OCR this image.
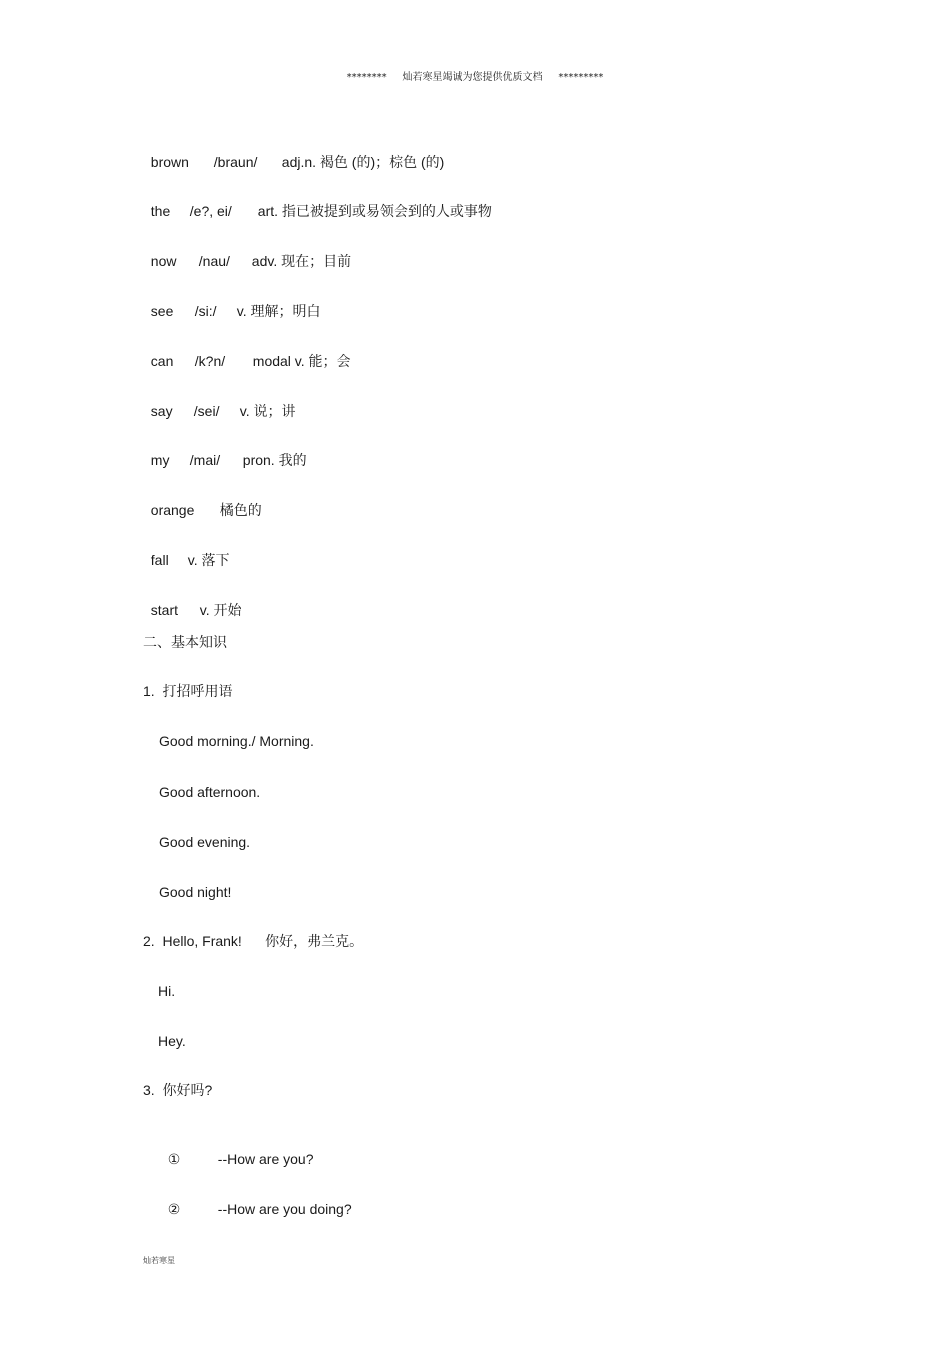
********     灿若寒星竭诚为您提供优质文档     *********

brown /braun/ adj.n. 褐色 (的)；棕色 (的)

the /e?, ei/ art. 指已被提到或易领会到的人或事物

now /nau/ adv. 现在；目前

see /si:/ v. 理解；明白

can /k?n/ modal v. 能；会

say /sei/ v. 说；讲

my /mai/ pron. 我的

orange 橘色的

fall v. 落下

start v. 开始

二、基本知识
1.  打招呼用语
Good morning./ Morning.
Good afternoon.
Good evening.
Good night!
2.  Hello, Frank!      你好，弗兰克。
Hi.
Hey.
3.  你好吗?

①	--How are you?

②	--How are you doing?

灿若寒星
